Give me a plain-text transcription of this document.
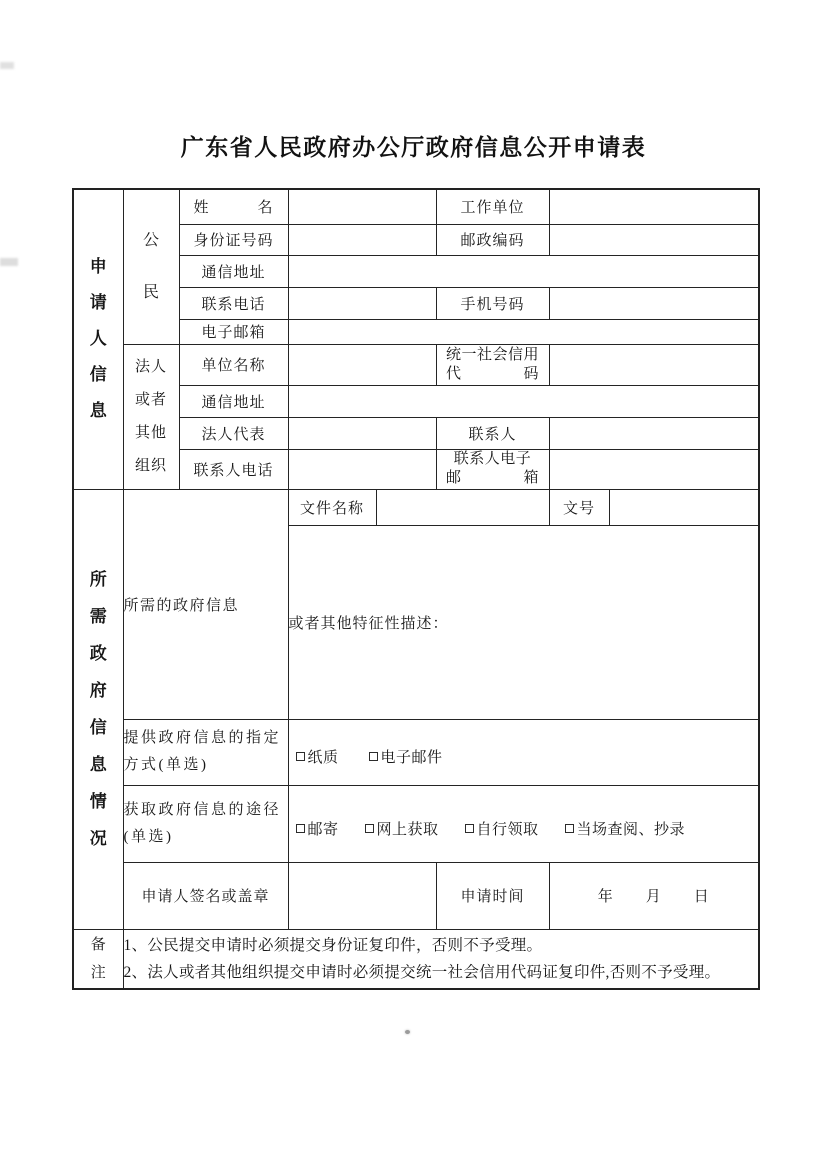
广东省人民政府办公厅政府信息公开申请表
申请人信息	公民	姓　　　名			工作单位		
		身份证号码			邮政编码		
		通信地址					
		联系电话			手机号码		
		电子邮箱					

	法人或者其他组织	单位名称			统一社会信用
代　　　　码		

		通信地址					
		法人代表			联系人		
		联系人电话			联系人电子
邮　　　　箱		

所需政府信息情况	所需的政府信息		文件名称			文号	
			或者其他特征性描述：				
	提供政府信息的指定方式(单选)		纸质 电子邮件				

	获取政府信息的途径(单选)		邮寄 网上获取 自行领取 当场查阅、抄录				

	申请人签名或盖章				申请时间	年　　月　　日	

备注	1、公民提交申请时必须提交身份证复印件，否则不予受理。
2、法人或者其他组织提交申请时必须提交统一社会信用代码证复印件,否则不予受理。						
